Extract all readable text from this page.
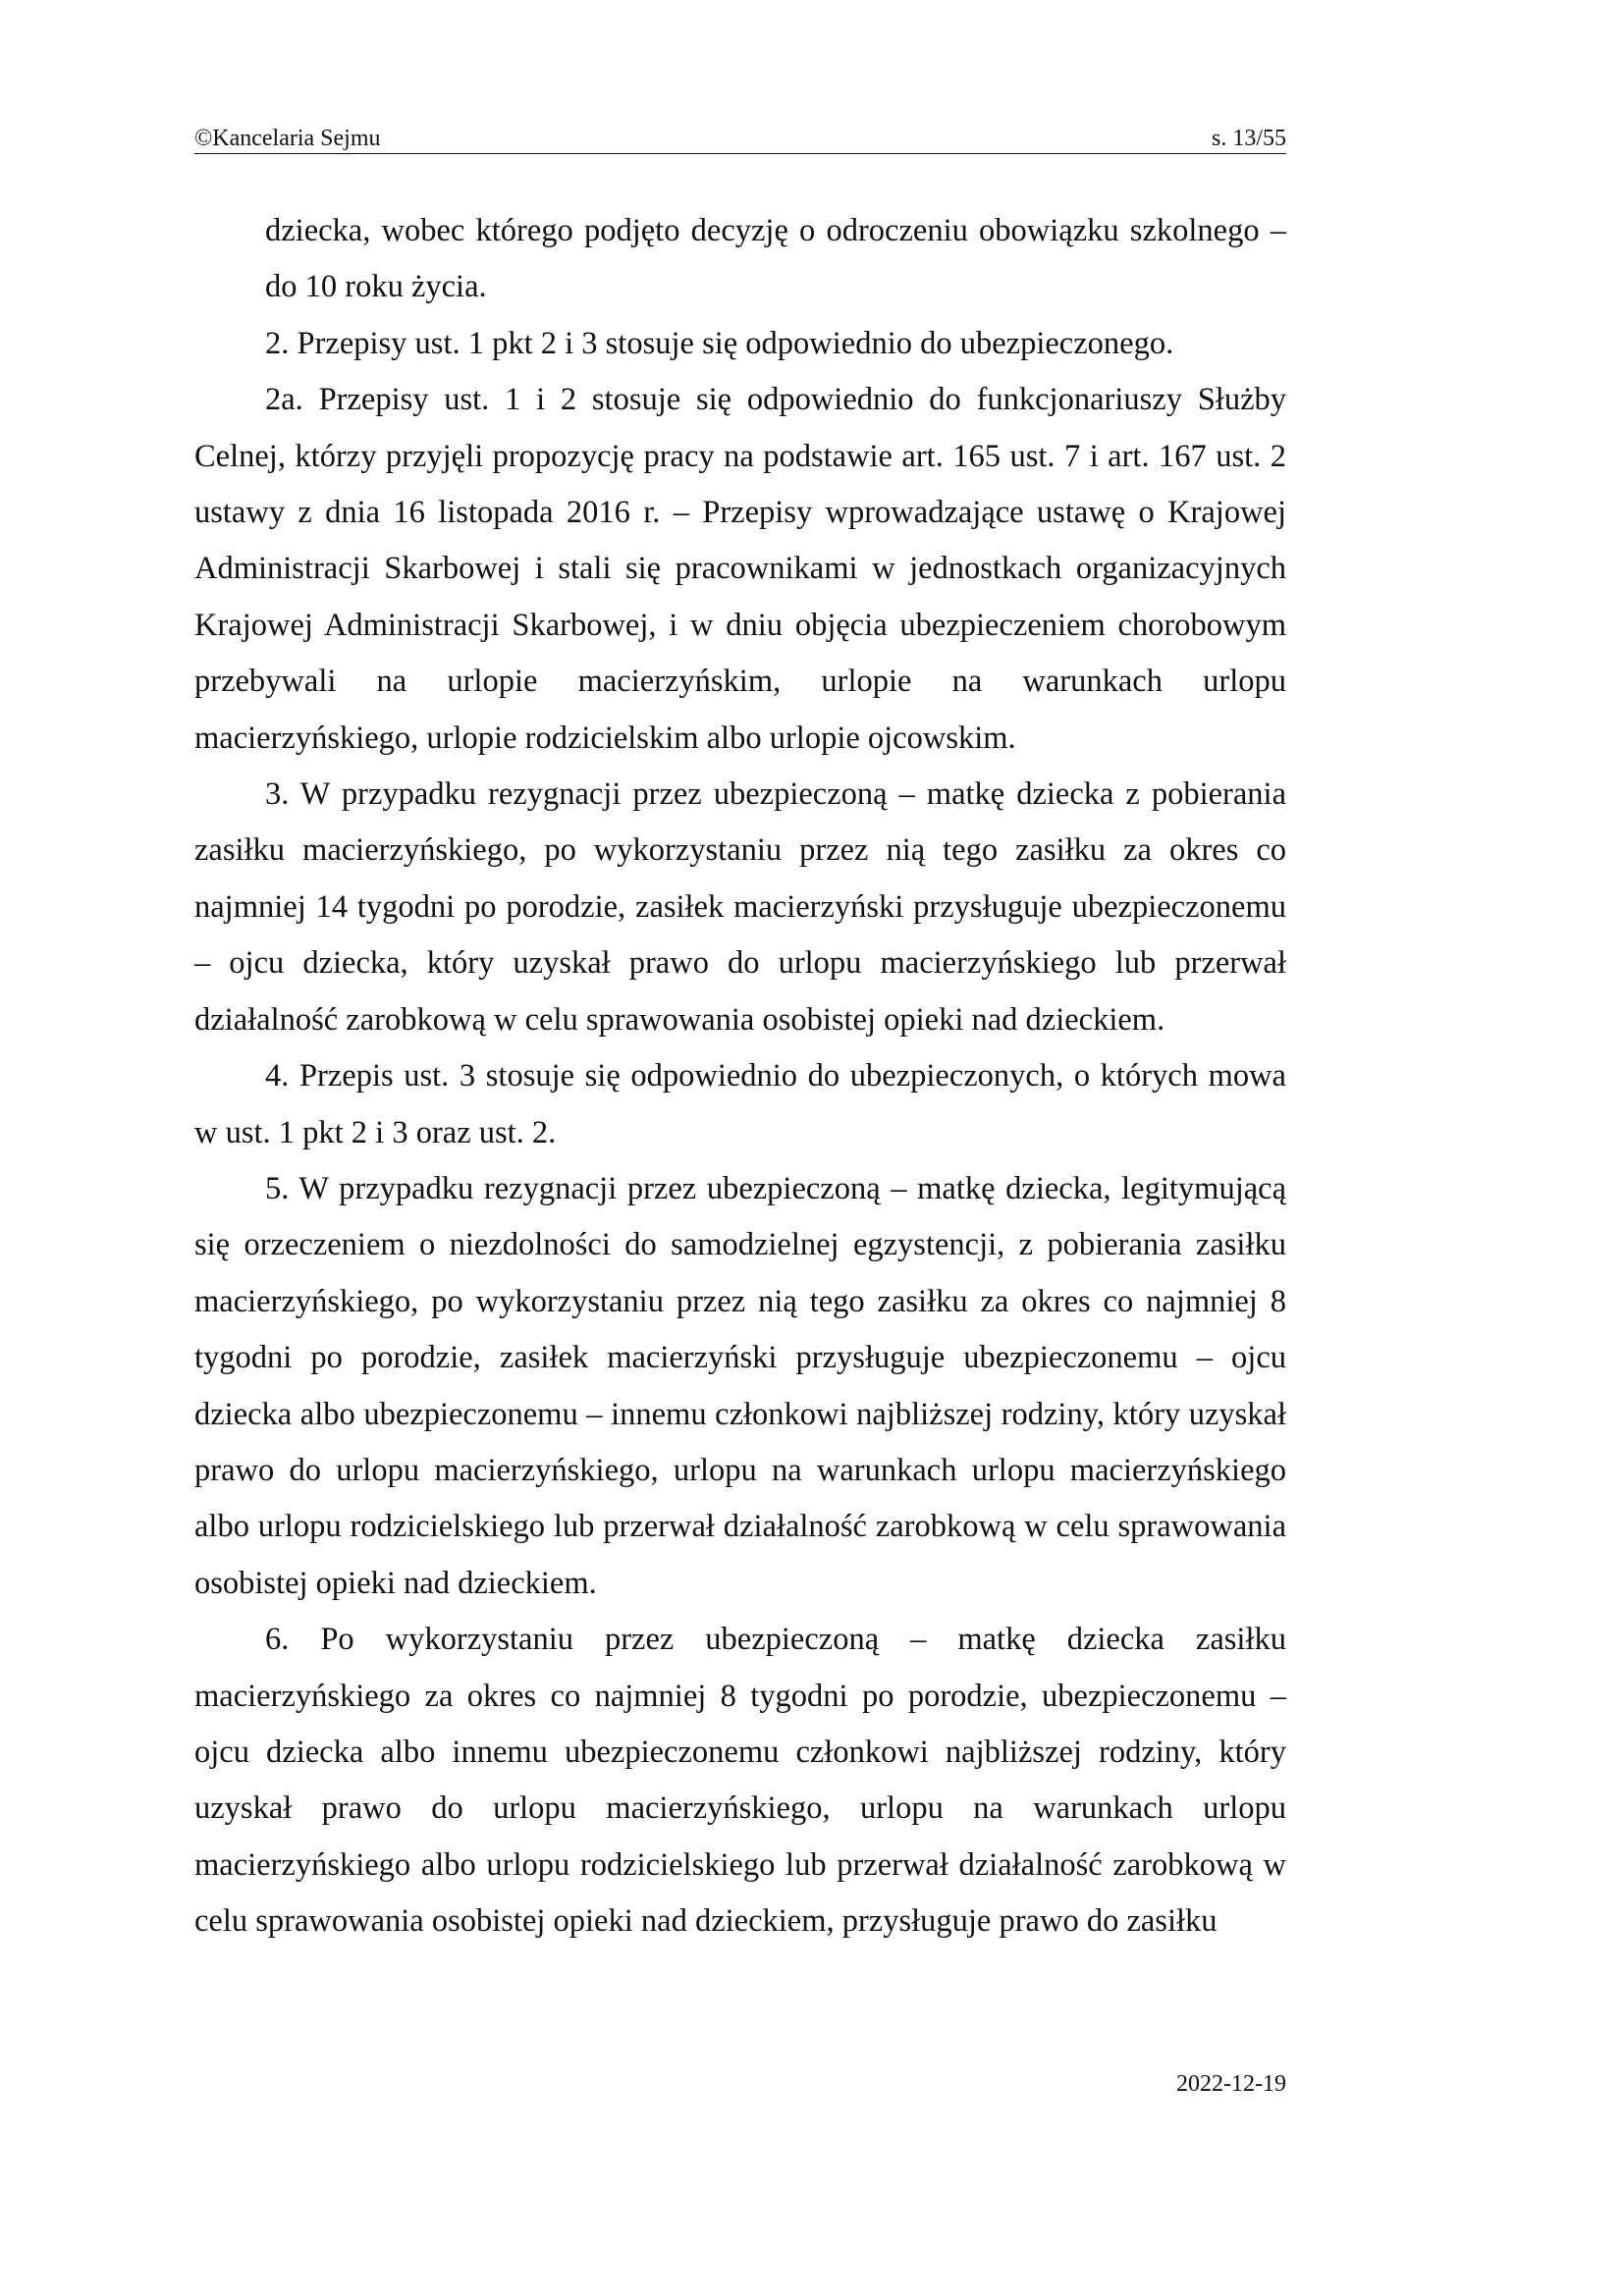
©Kancelaria Sejmu	s. 13/55

dziecka, wobec którego podjęto decyzję o odroczeniu obowiązku szkolnego – do 10 roku życia.

2. Przepisy ust. 1 pkt 2 i 3 stosuje się odpowiednio do ubezpieczonego.

2a. Przepisy ust. 1 i 2 stosuje się odpowiednio do funkcjonariuszy Służby Celnej, którzy przyjęli propozycję pracy na podstawie art. 165 ust. 7 i art. 167 ust. 2 ustawy z dnia 16 listopada 2016 r. – Przepisy wprowadzające ustawę o Krajowej Administracji Skarbowej i stali się pracownikami w jednostkach organizacyjnych Krajowej Administracji Skarbowej, i w dniu objęcia ubezpieczeniem chorobowym przebywali na urlopie macierzyńskim, urlopie na warunkach urlopu macierzyńskiego, urlopie rodzicielskim albo urlopie ojcowskim.

3. W przypadku rezygnacji przez ubezpieczoną – matkę dziecka z pobierania zasiłku macierzyńskiego, po wykorzystaniu przez nią tego zasiłku za okres co najmniej 14 tygodni po porodzie, zasiłek macierzyński przysługuje ubezpieczonemu – ojcu dziecka, który uzyskał prawo do urlopu macierzyńskiego lub przerwał działalność zarobkową w celu sprawowania osobistej opieki nad dzieckiem.

4. Przepis ust. 3 stosuje się odpowiednio do ubezpieczonych, o których mowa w ust. 1 pkt 2 i 3 oraz ust. 2.

5. W przypadku rezygnacji przez ubezpieczoną – matkę dziecka, legitymującą się orzeczeniem o niezdolności do samodzielnej egzystencji, z pobierania zasiłku macierzyńskiego, po wykorzystaniu przez nią tego zasiłku za okres co najmniej 8 tygodni po porodzie, zasiłek macierzyński przysługuje ubezpieczonemu – ojcu dziecka albo ubezpieczonemu – innemu członkowi najbliższej rodziny, który uzyskał prawo do urlopu macierzyńskiego, urlopu na warunkach urlopu macierzyńskiego albo urlopu rodzicielskiego lub przerwał działalność zarobkową w celu sprawowania osobistej opieki nad dzieckiem.

6. Po wykorzystaniu przez ubezpieczoną – matkę dziecka zasiłku macierzyńskiego za okres co najmniej 8 tygodni po porodzie, ubezpieczonemu – ojcu dziecka albo innemu ubezpieczonemu członkowi najbliższej rodziny, który uzyskał prawo do urlopu macierzyńskiego, urlopu na warunkach urlopu macierzyńskiego albo urlopu rodzicielskiego lub przerwał działalność zarobkową w celu sprawowania osobistej opieki nad dzieckiem, przysługuje prawo do zasiłku

2022-12-19
